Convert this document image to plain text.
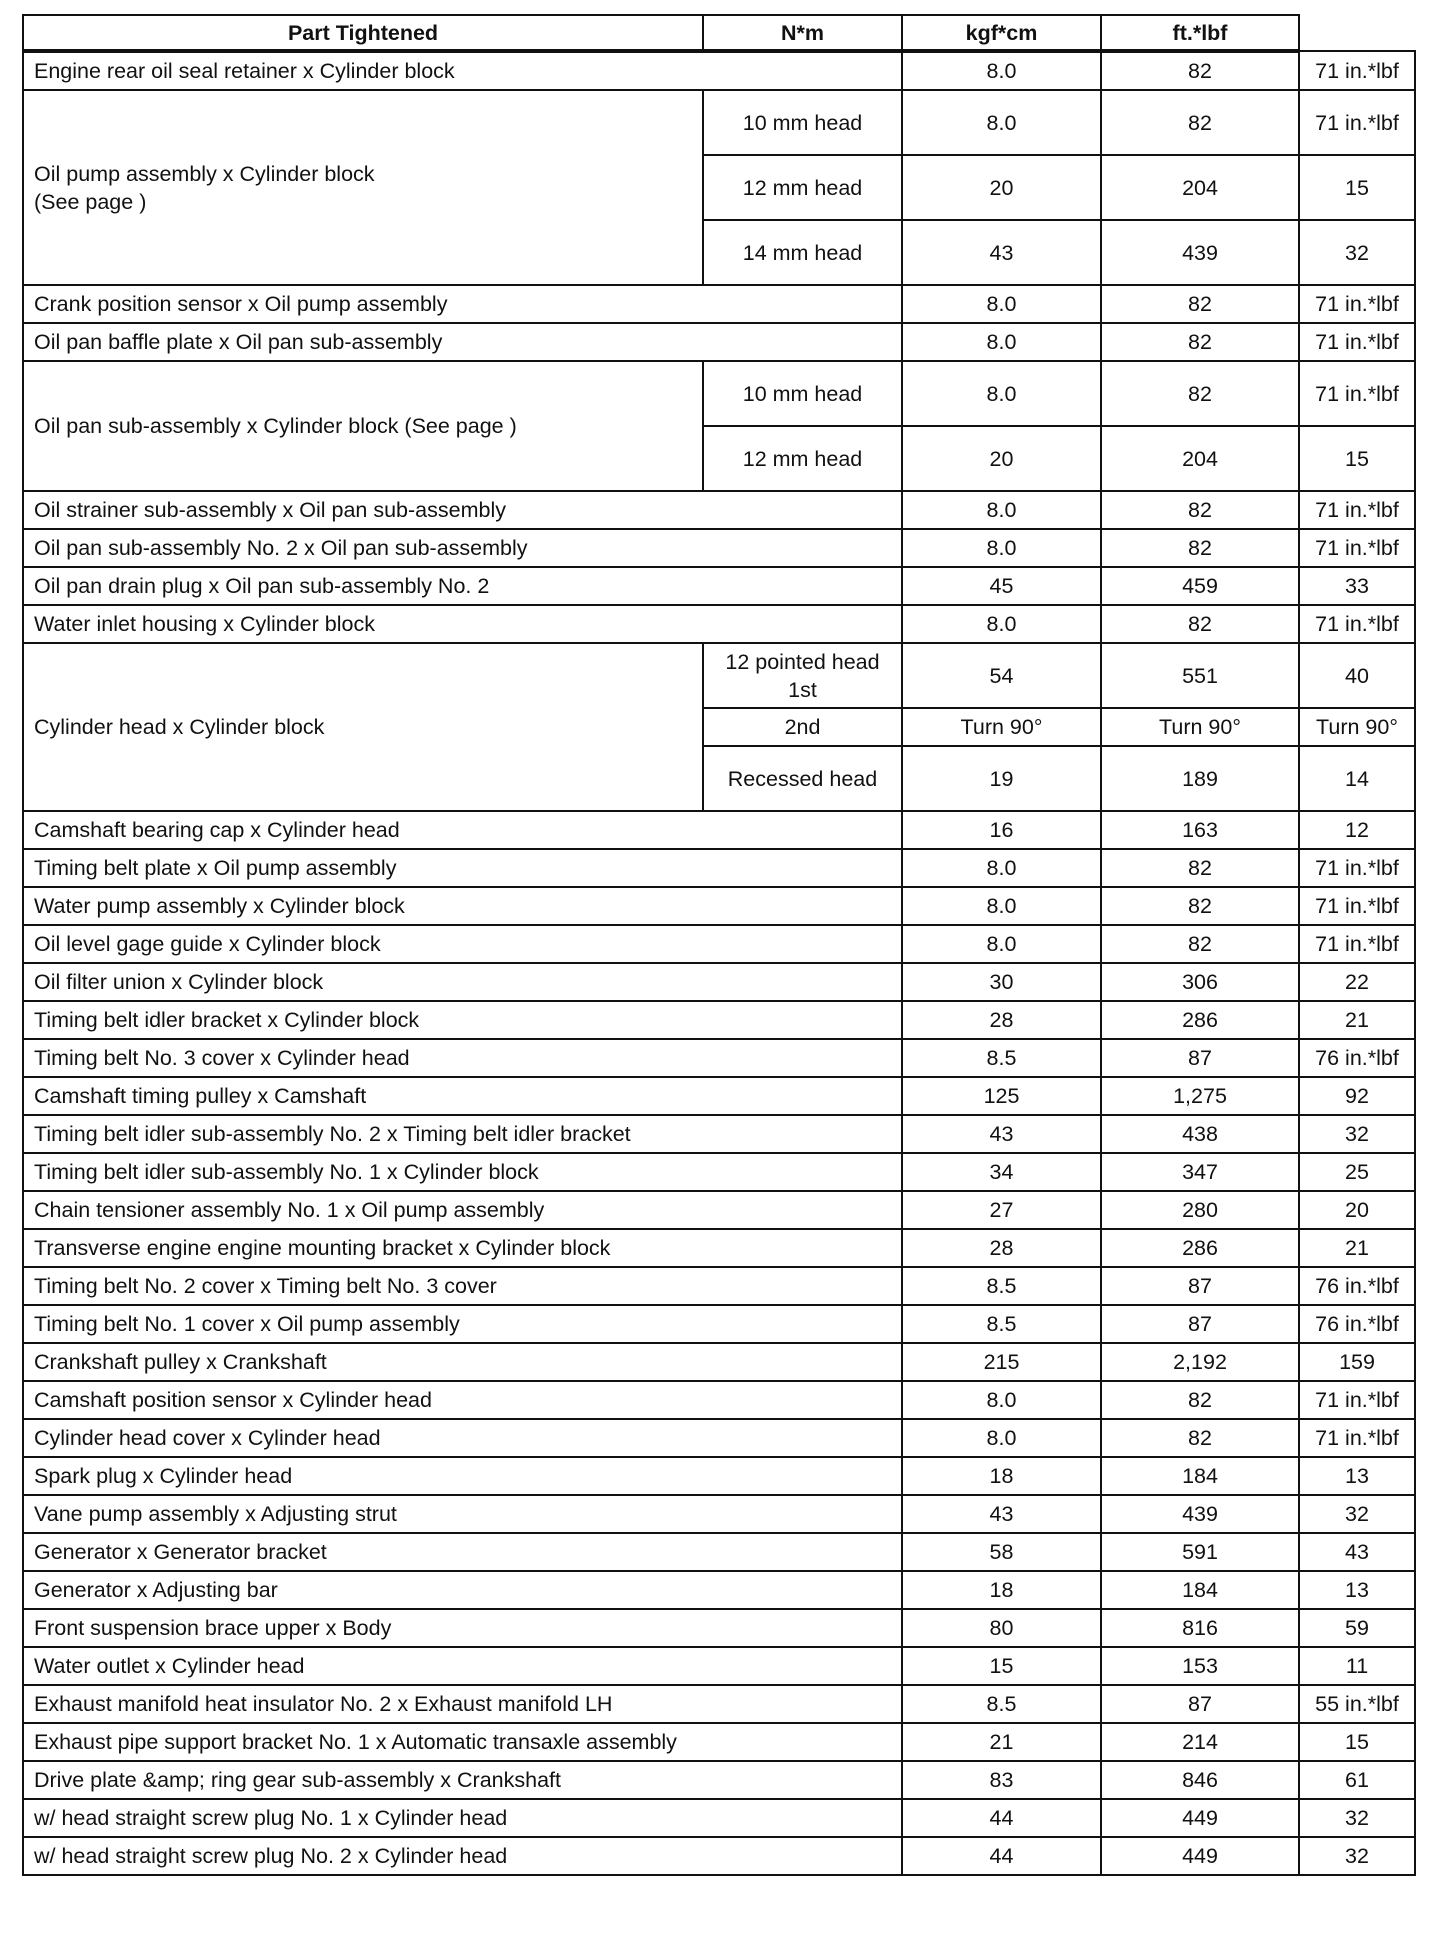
Part Tightened	N*m	kgf*cm	ft.*lbf	
Engine rear oil seal retainer x Cylinder block		8.0	82	71 in.*lbf

Oil pump assembly x Cylinder block
(See page )	10 mm head	8.0	82	71 in.*lbf
	12 mm head	20	204	15
	14 mm head	43	439	32
Crank position sensor x Oil pump assembly		8.0	82	71 in.*lbf
Oil pan baffle plate x Oil pan sub-assembly		8.0	82	71 in.*lbf
Oil pan sub-assembly x Cylinder block (See page )	10 mm head	8.0	82	71 in.*lbf
	12 mm head	20	204	15
Oil strainer sub-assembly x Oil pan sub-assembly		8.0	82	71 in.*lbf
Oil pan sub-assembly No. 2 x Oil pan sub-assembly		8.0	82	71 in.*lbf
Oil pan drain plug x Oil pan sub-assembly No. 2		45	459	33
Water inlet housing x Cylinder block		8.0	82	71 in.*lbf
Cylinder head x Cylinder block	12 pointed head 1st	54	551	40
	2nd	Turn 90°	Turn 90°	Turn 90°
	Recessed head	19	189	14
Camshaft bearing cap x Cylinder head		16	163	12
Timing belt plate x Oil pump assembly		8.0	82	71 in.*lbf
Water pump assembly x Cylinder block		8.0	82	71 in.*lbf
Oil level gage guide x Cylinder block		8.0	82	71 in.*lbf
Oil filter union x Cylinder block		30	306	22
Timing belt idler bracket x Cylinder block		28	286	21
Timing belt No. 3 cover x Cylinder head		8.5	87	76 in.*lbf
Camshaft timing pulley x Camshaft		125	1,275	92
Timing belt idler sub-assembly No. 2 x Timing belt idler bracket		43	438	32
Timing belt idler sub-assembly No. 1 x Cylinder block		34	347	25
Chain tensioner assembly No. 1 x Oil pump assembly		27	280	20
Transverse engine engine mounting bracket x Cylinder block		28	286	21
Timing belt No. 2 cover x Timing belt No. 3 cover		8.5	87	76 in.*lbf
Timing belt No. 1 cover x Oil pump assembly		8.5	87	76 in.*lbf
Crankshaft pulley x Crankshaft		215	2,192	159
Camshaft position sensor x Cylinder head		8.0	82	71 in.*lbf
Cylinder head cover x Cylinder head		8.0	82	71 in.*lbf
Spark plug x Cylinder head		18	184	13
Vane pump assembly x Adjusting strut		43	439	32
Generator x Generator bracket		58	591	43
Generator x Adjusting bar		18	184	13
Front suspension brace upper x Body		80	816	59
Water outlet x Cylinder head		15	153	11
Exhaust manifold heat insulator No. 2 x Exhaust manifold LH		8.5	87	55 in.*lbf
Exhaust pipe support bracket No. 1 x Automatic transaxle assembly		21	214	15
Drive plate &amp; ring gear sub-assembly x Crankshaft		83	846	61
w/ head straight screw plug No. 1 x Cylinder head		44	449	32
w/ head straight screw plug No. 2 x Cylinder head		44	449	32
